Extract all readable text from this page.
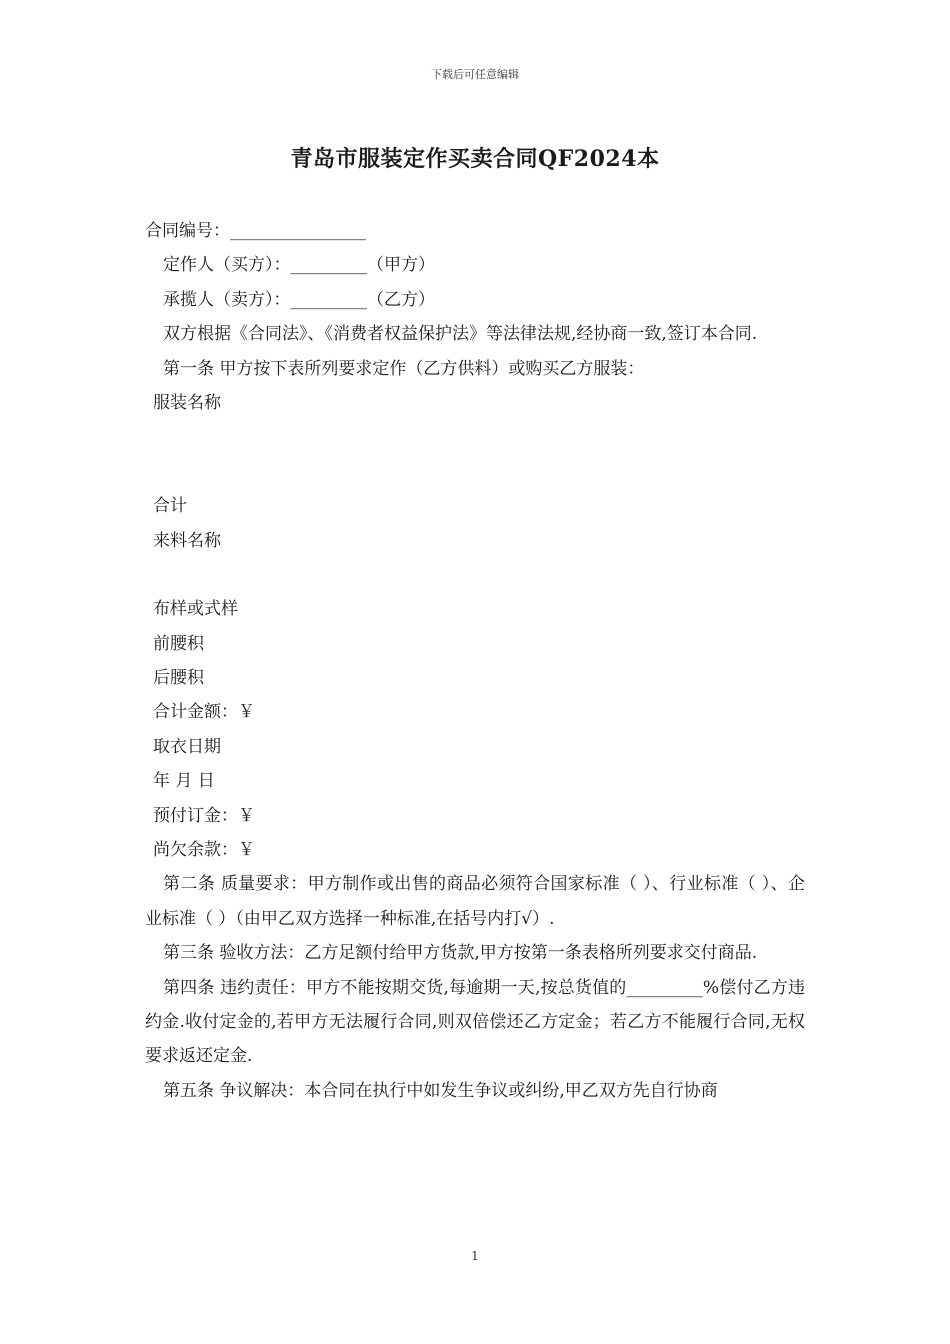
下载后可任意编辑
青岛市服装定作买卖合同QF2024本
合同编号：________________
定作人（买方）：_________（甲方）
承揽人（卖方）：_________（乙方）
双方根据《合同法》、《消费者权益保护法》等法律法规,经协商一致,签订本合同.
第一条 甲方按下表所列要求定作（乙方供料）或购买乙方服装：
服装名称
合计
来料名称
布样或式样
前腰积
后腰积
合计金额：￥
取衣日期
年 月 日
预付订金：￥
尚欠余款：￥
第二条 质量要求：甲方制作或出售的商品必须符合国家标准（ ）、行业标准（ ）、企业标准（ ）（由甲乙双方选择一种标准,在括号内打√）.
第三条 验收方法：乙方足额付给甲方货款,甲方按第一条表格所列要求交付商品.
第四条 违约责任：甲方不能按期交货,每逾期一天,按总货值的_________%偿付乙方违约金.收付定金的,若甲方无法履行合同,则双倍偿还乙方定金；若乙方不能履行合同,无权要求返还定金.
第五条 争议解决：本合同在执行中如发生争议或纠纷,甲乙双方先自行协商
1
